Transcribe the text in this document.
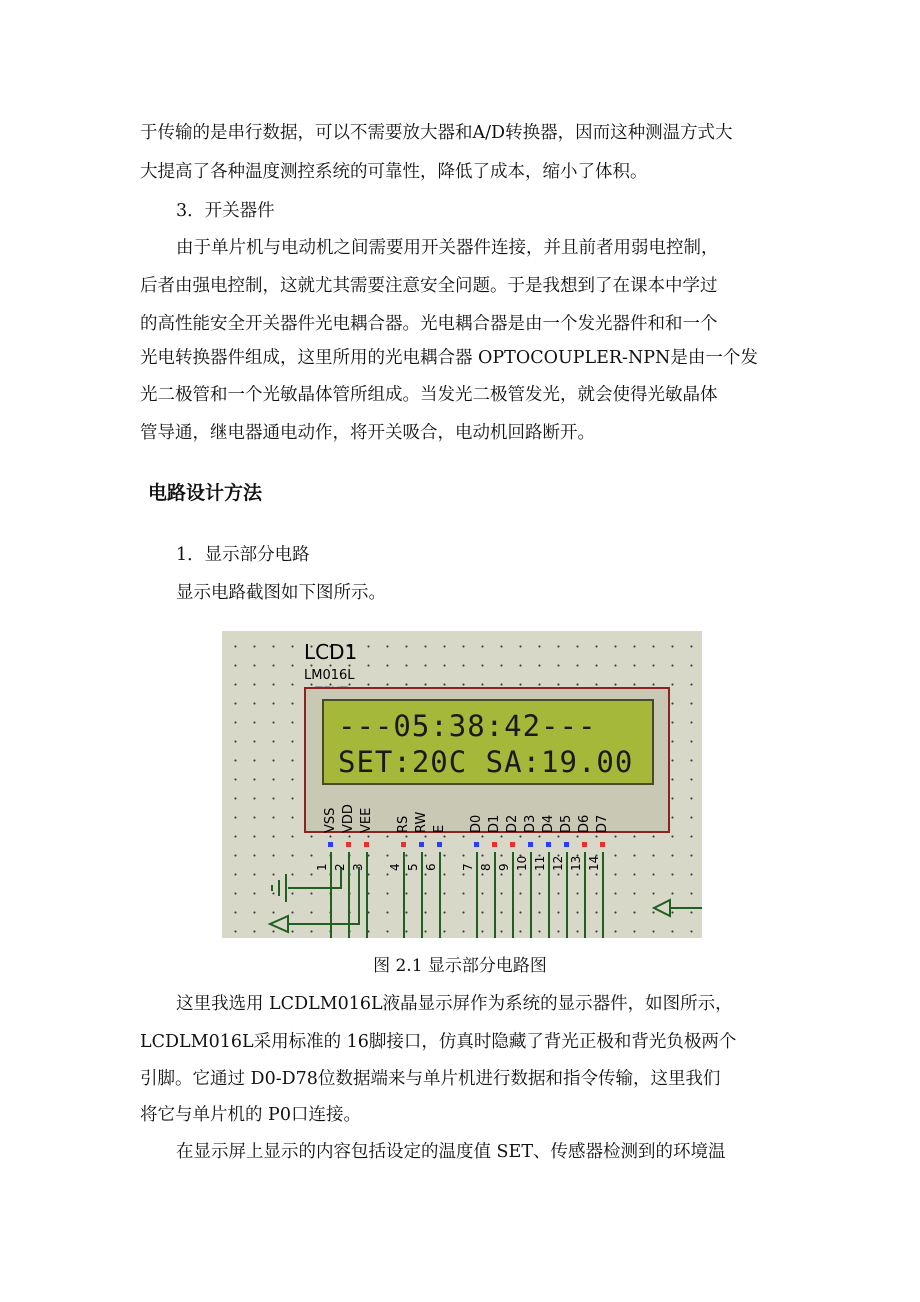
于传输的是串行数据，可以不需要放大器和A/D转换器，因而这种测温方式大
大提高了各种温度测控系统的可靠性，降低了成本，缩小了体积。
3．开关器件
由于单片机与电动机之间需要用开关器件连接，并且前者用弱电控制，
后者由强电控制，这就尤其需要注意安全问题。于是我想到了在课本中学过
的高性能安全开关器件光电耦合器。光电耦合器是由一个发光器件和和一个
光电转换器件组成，这里所用的光电耦合器 OPTOCOUPLER-NPN是由一个发
光二极管和一个光敏晶体管所组成。当发光二极管发光，就会使得光敏晶体
管导通，继电器通电动作，将开关吸合，电动机回路断开。
电路设计方法
1．显示部分电路
显示电路截图如下图所示。
LCD1
LM016L
---05:38:42---
SET:20C SA:19.00
VSS
1
VDD
2
VEE
3
RS
4
RW
5
E
6
D0
7
D1
8
D2
9
D3
10
D4
11
D5
12
D6
13
D7
14
图 2.1 显示部分电路图
这里我选用 LCDLM016L液晶显示屏作为系统的显示器件，如图所示，
LCDLM016L采用标准的 16脚接口，仿真时隐藏了背光正极和背光负极两个
引脚。它通过 D0-D78位数据端来与单片机进行数据和指令传输，这里我们
将它与单片机的 P0口连接。
在显示屏上显示的内容包括设定的温度值 SET、传感器检测到的环境温
